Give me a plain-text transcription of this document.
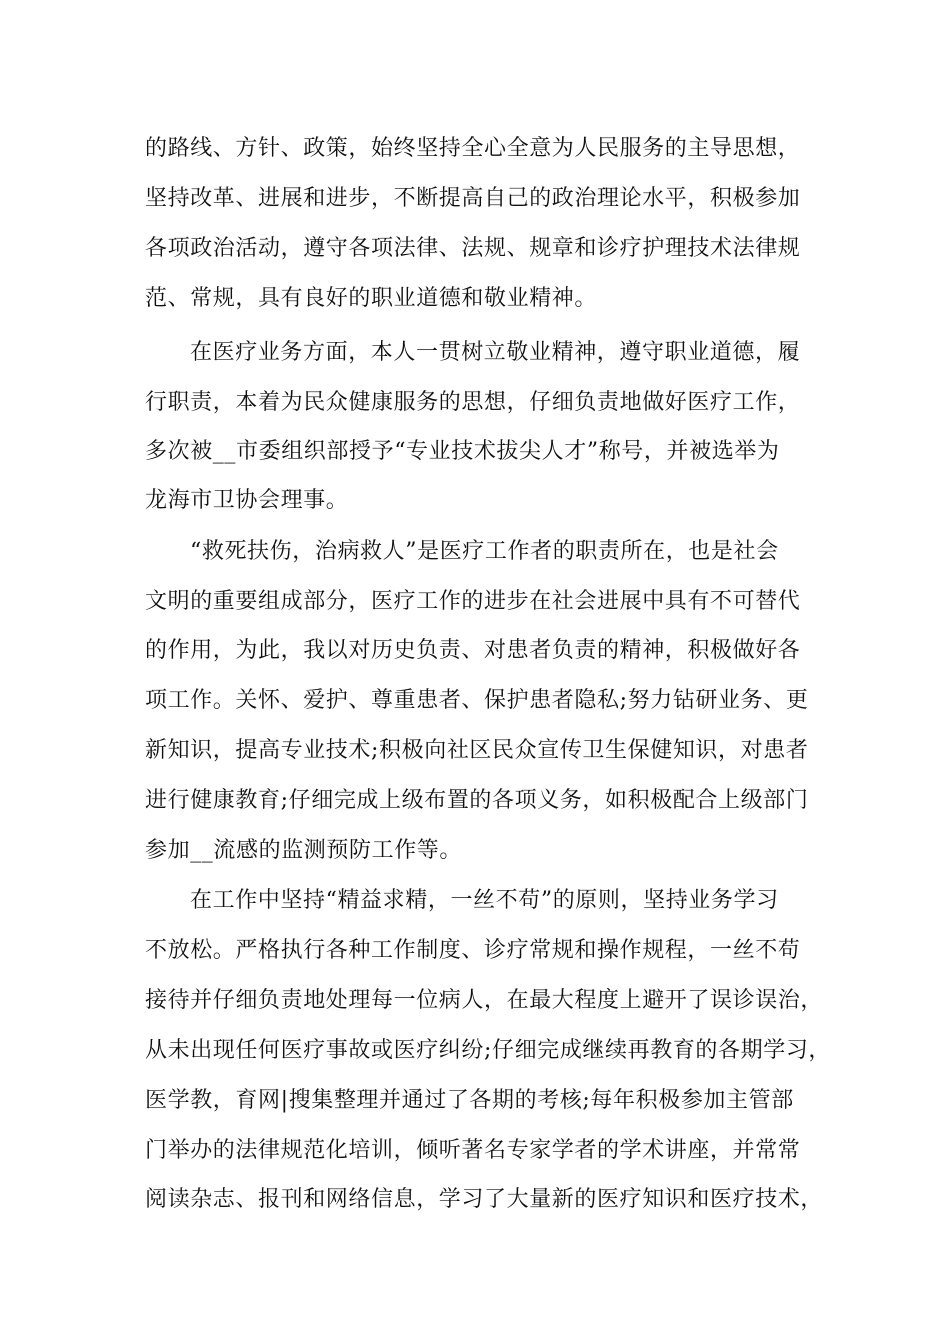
的路线、方针、政策，始终坚持全心全意为人民服务的主导思想，
坚持改革、进展和进步，不断提高自己的政治理论水平，积极参加
各项政治活动，遵守各项法律、法规、规章和诊疗护理技术法律规
范、常规，具有良好的职业道德和敬业精神。
在医疗业务方面，本人一贯树立敬业精神，遵守职业道德，履
行职责，本着为民众健康服务的思想，仔细负责地做好医疗工作，
多次被__市委组织部授予“专业技术拔尖人才”称号，并被选举为
龙海市卫协会理事。
“救死扶伤，治病救人”是医疗工作者的职责所在，也是社会
文明的重要组成部分，医疗工作的进步在社会进展中具有不可替代
的作用，为此，我以对历史负责、对患者负责的精神，积极做好各
项工作。关怀、爱护、尊重患者、保护患者隐私;努力钻研业务、更
新知识，提高专业技术;积极向社区民众宣传卫生保健知识，对患者
进行健康教育;仔细完成上级布置的各项义务，如积极配合上级部门
参加__流感的监测预防工作等。
在工作中坚持“精益求精，一丝不苟”的原则，坚持业务学习
不放松。严格执行各种工作制度、诊疗常规和操作规程，一丝不苟
接待并仔细负责地处理每一位病人，在最大程度上避开了误诊误治，
从未出现任何医疗事故或医疗纠纷;仔细完成继续再教育的各期学习，
医学教，育网|搜集整理并通过了各期的考核;每年积极参加主管部
门举办的法律规范化培训，倾听著名专家学者的学术讲座，并常常
阅读杂志、报刊和网络信息，学习了大量新的医疗知识和医疗技术，
